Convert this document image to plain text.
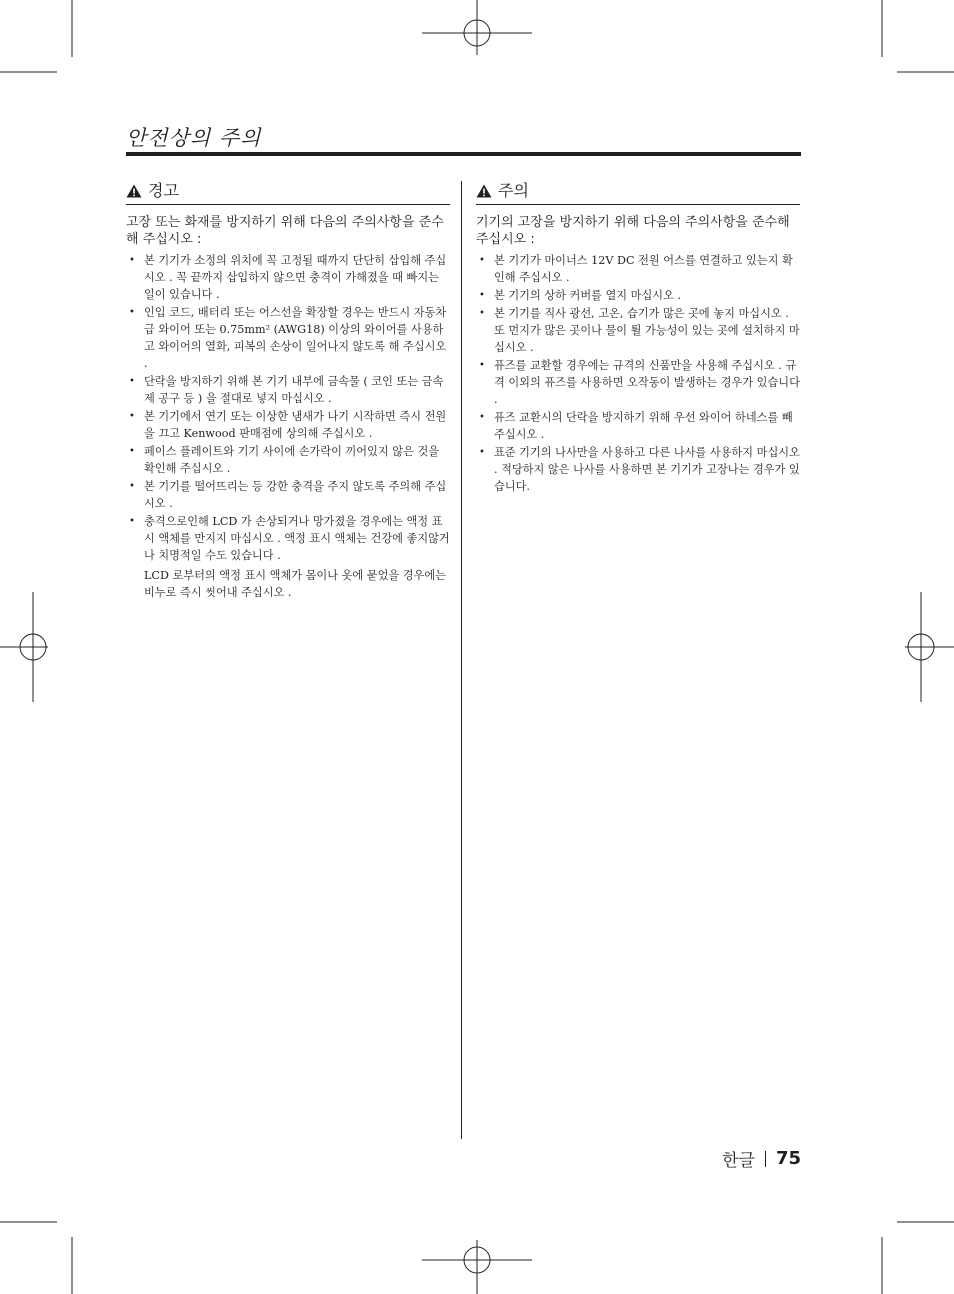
안전상의 주의
경고

고장 또는 화재를 방지하기 위해 다음의 주의사항을 준수해 주십시오 :

• 본 기기가 소정의 위치에 꼭 고정될 때까지 단단히 삽입해 주십시오 . 꼭 끝까지 삽입하지 않으면 충격이 가해졌을 때 빠지는 일이 있습니다 .
• 인입 코드, 배터리 또는 어스선을 확장할 경우는 반드시 자동차급 와이어 또는 0.75mm² (AWG18) 이상의 와이어를 사용하고 와이어의 열화, 피복의 손상이 일어나지 않도록 해 주십시오 .
• 단락을 방지하기 위해 본 기기 내부에 금속물 ( 코인 또는 금속제 공구 등 ) 을 절대로 넣지 마십시오 .
• 본 기기에서 연기 또는 이상한 냄새가 나기 시작하면 즉시 전원을 끄고 Kenwood 판매점에 상의해 주십시오 .
• 페이스 플레이트와 기기 사이에 손가락이 끼어있지 않은 것을 확인해 주십시오 .
• 본 기기를 떨어뜨리는 등 강한 충격을 주지 않도록 주의해 주십시오 .
• 충격으로인해 LCD 가 손상되거나 망가졌을 경우에는 액정 표시 액체를 만지지 마십시오 . 액정 표시 액체는 건강에 좋지않거나 치명적일 수도 있습니다 .
LCD 로부터의 액정 표시 액체가 몸이나 옷에 묻었을 경우에는 비누로 즉시 씻어내 주십시오 .
주의

기기의 고장을 방지하기 위해 다음의 주의사항을 준수해 주십시오 :

• 본 기기가 마이너스 12V DC 전원 어스를 연결하고 있는지 확인해 주십시오 .
• 본 기기의 상하 커버를 열지 마십시오 .
• 본 기기를 직사 광선, 고온, 습기가 많은 곳에 놓지 마십시오 . 또 먼지가 많은 곳이나 물이 튈 가능성이 있는 곳에 설치하지 마십시오 .
• 퓨즈를 교환할 경우에는 규격의 신품만을 사용해 주십시오 . 규격 이외의 퓨즈를 사용하면 오작동이 발생하는 경우가 있습니다 .
• 퓨즈 교환시의 단락을 방지하기 위해 우선 와이어 하네스를 빼 주십시오 .
• 표준 기기의 나사만을 사용하고 다른 나사를 사용하지 마십시오 . 적당하지 않은 나사를 사용하면 본 기기가 고장나는 경우가 있습니다.
한글 75
